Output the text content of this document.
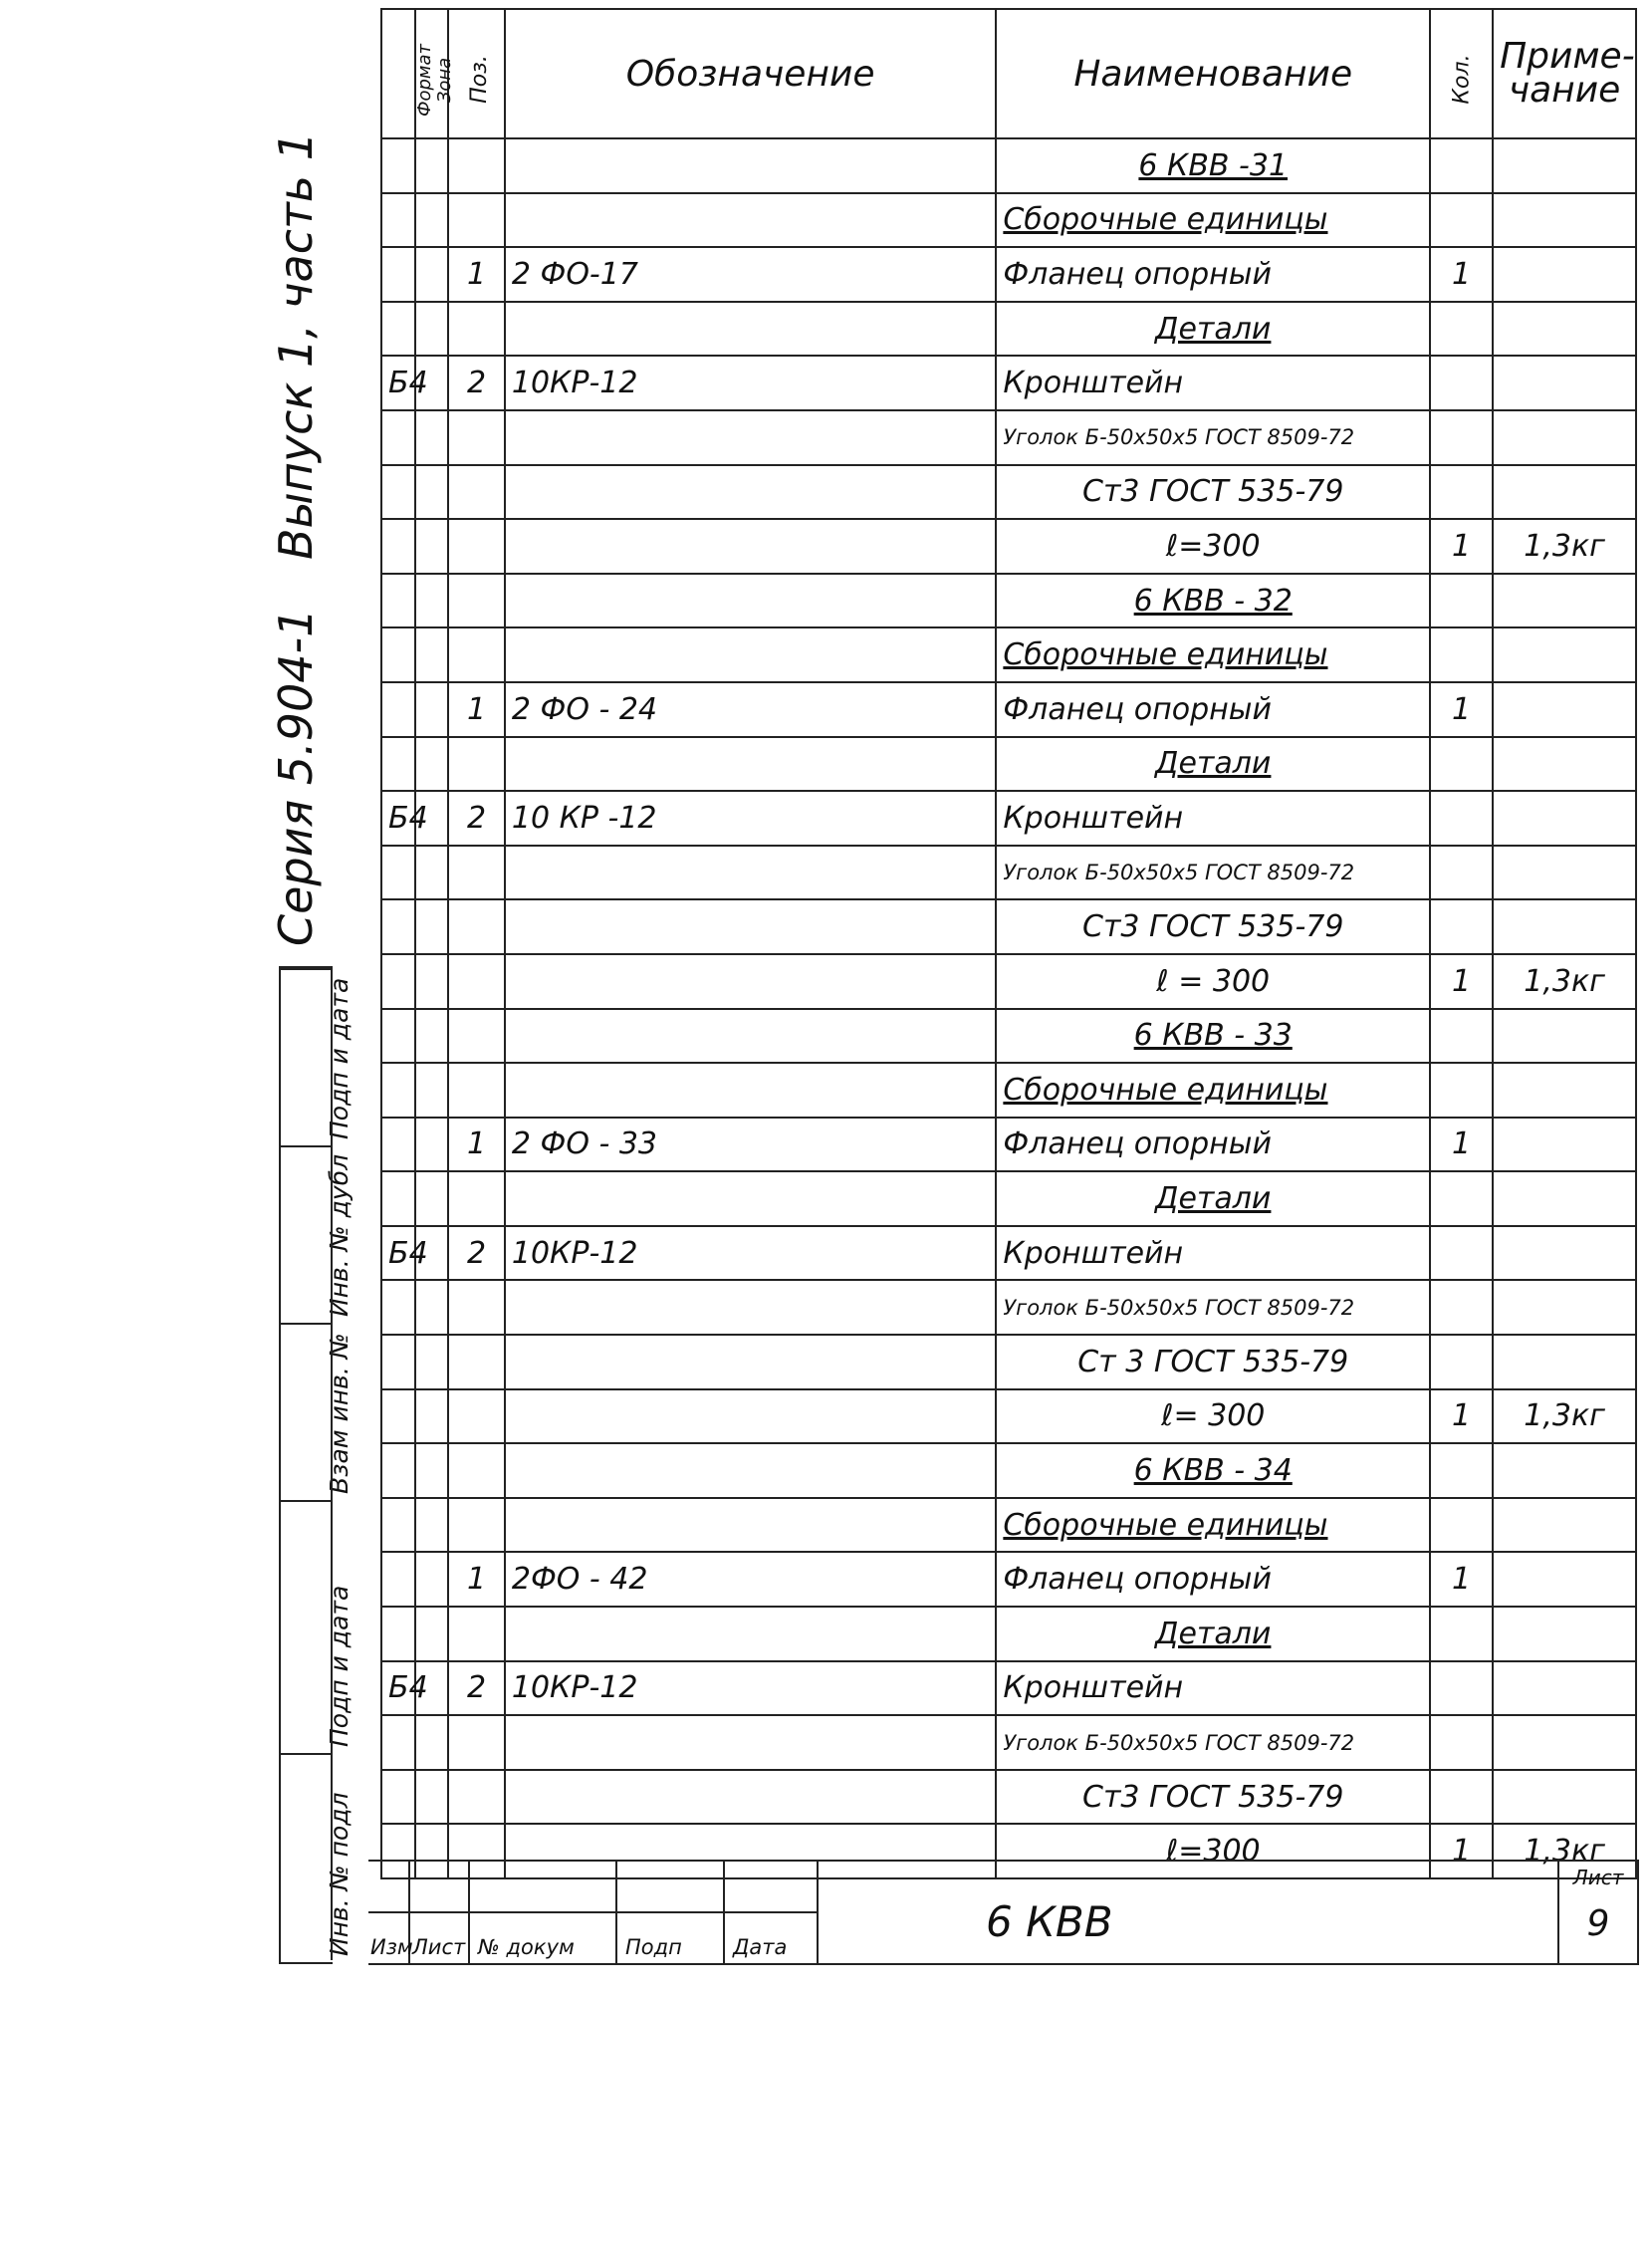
Серия 5.904-1 Выпуск 1, часть 1
Подп и дата
Инв. № дубл
Взам инв. №
Подп и дата
Инв. № подл
Формат	Зона	Поз.	Обозначение	Наименование	Кол.	Приме-
чание
				6 КВВ -31		
				Сборочные единицы		
		1	2 ФО-17	Фланец опорный	1	
				Детали		
Б4		2	10КР-12	Кронштейн		
				Уголок Б-50х50х5 ГОСТ 8509-72		
				Ст3 ГОСТ 535-79		
				ℓ=300	1	1,3кг
				6 КВВ - 32		
				Сборочные единицы		
		1	2 ФО - 24	Фланец опорный	1	
				Детали		
Б4		2	10 КР -12	Кронштейн		
				Уголок Б-50х50х5 ГОСТ 8509-72		
				Ст3 ГОСТ 535-79		
				ℓ = 300	1	1,3кг
				6 КВВ - 33		
				Сборочные единицы		
		1	2 ФО - 33	Фланец опорный	1	
				Детали		
Б4		2	10КР-12	Кронштейн		
				Уголок Б-50х50х5 ГОСТ 8509-72		
				Ст 3 ГОСТ 535-79		
				ℓ= 300	1	1,3кг
				6 КВВ - 34		
				Сборочные единицы		
		1	2ФО - 42	Фланец опорный	1	
				Детали		
Б4		2	10КР-12	Кронштейн		
				Уголок Б-50х50х5 ГОСТ 8509-72		
				Ст3 ГОСТ 535-79		
				ℓ=300	1	1,3кг
Изм Лист № докум Подп Дата
6 КВВ
Лист
9
